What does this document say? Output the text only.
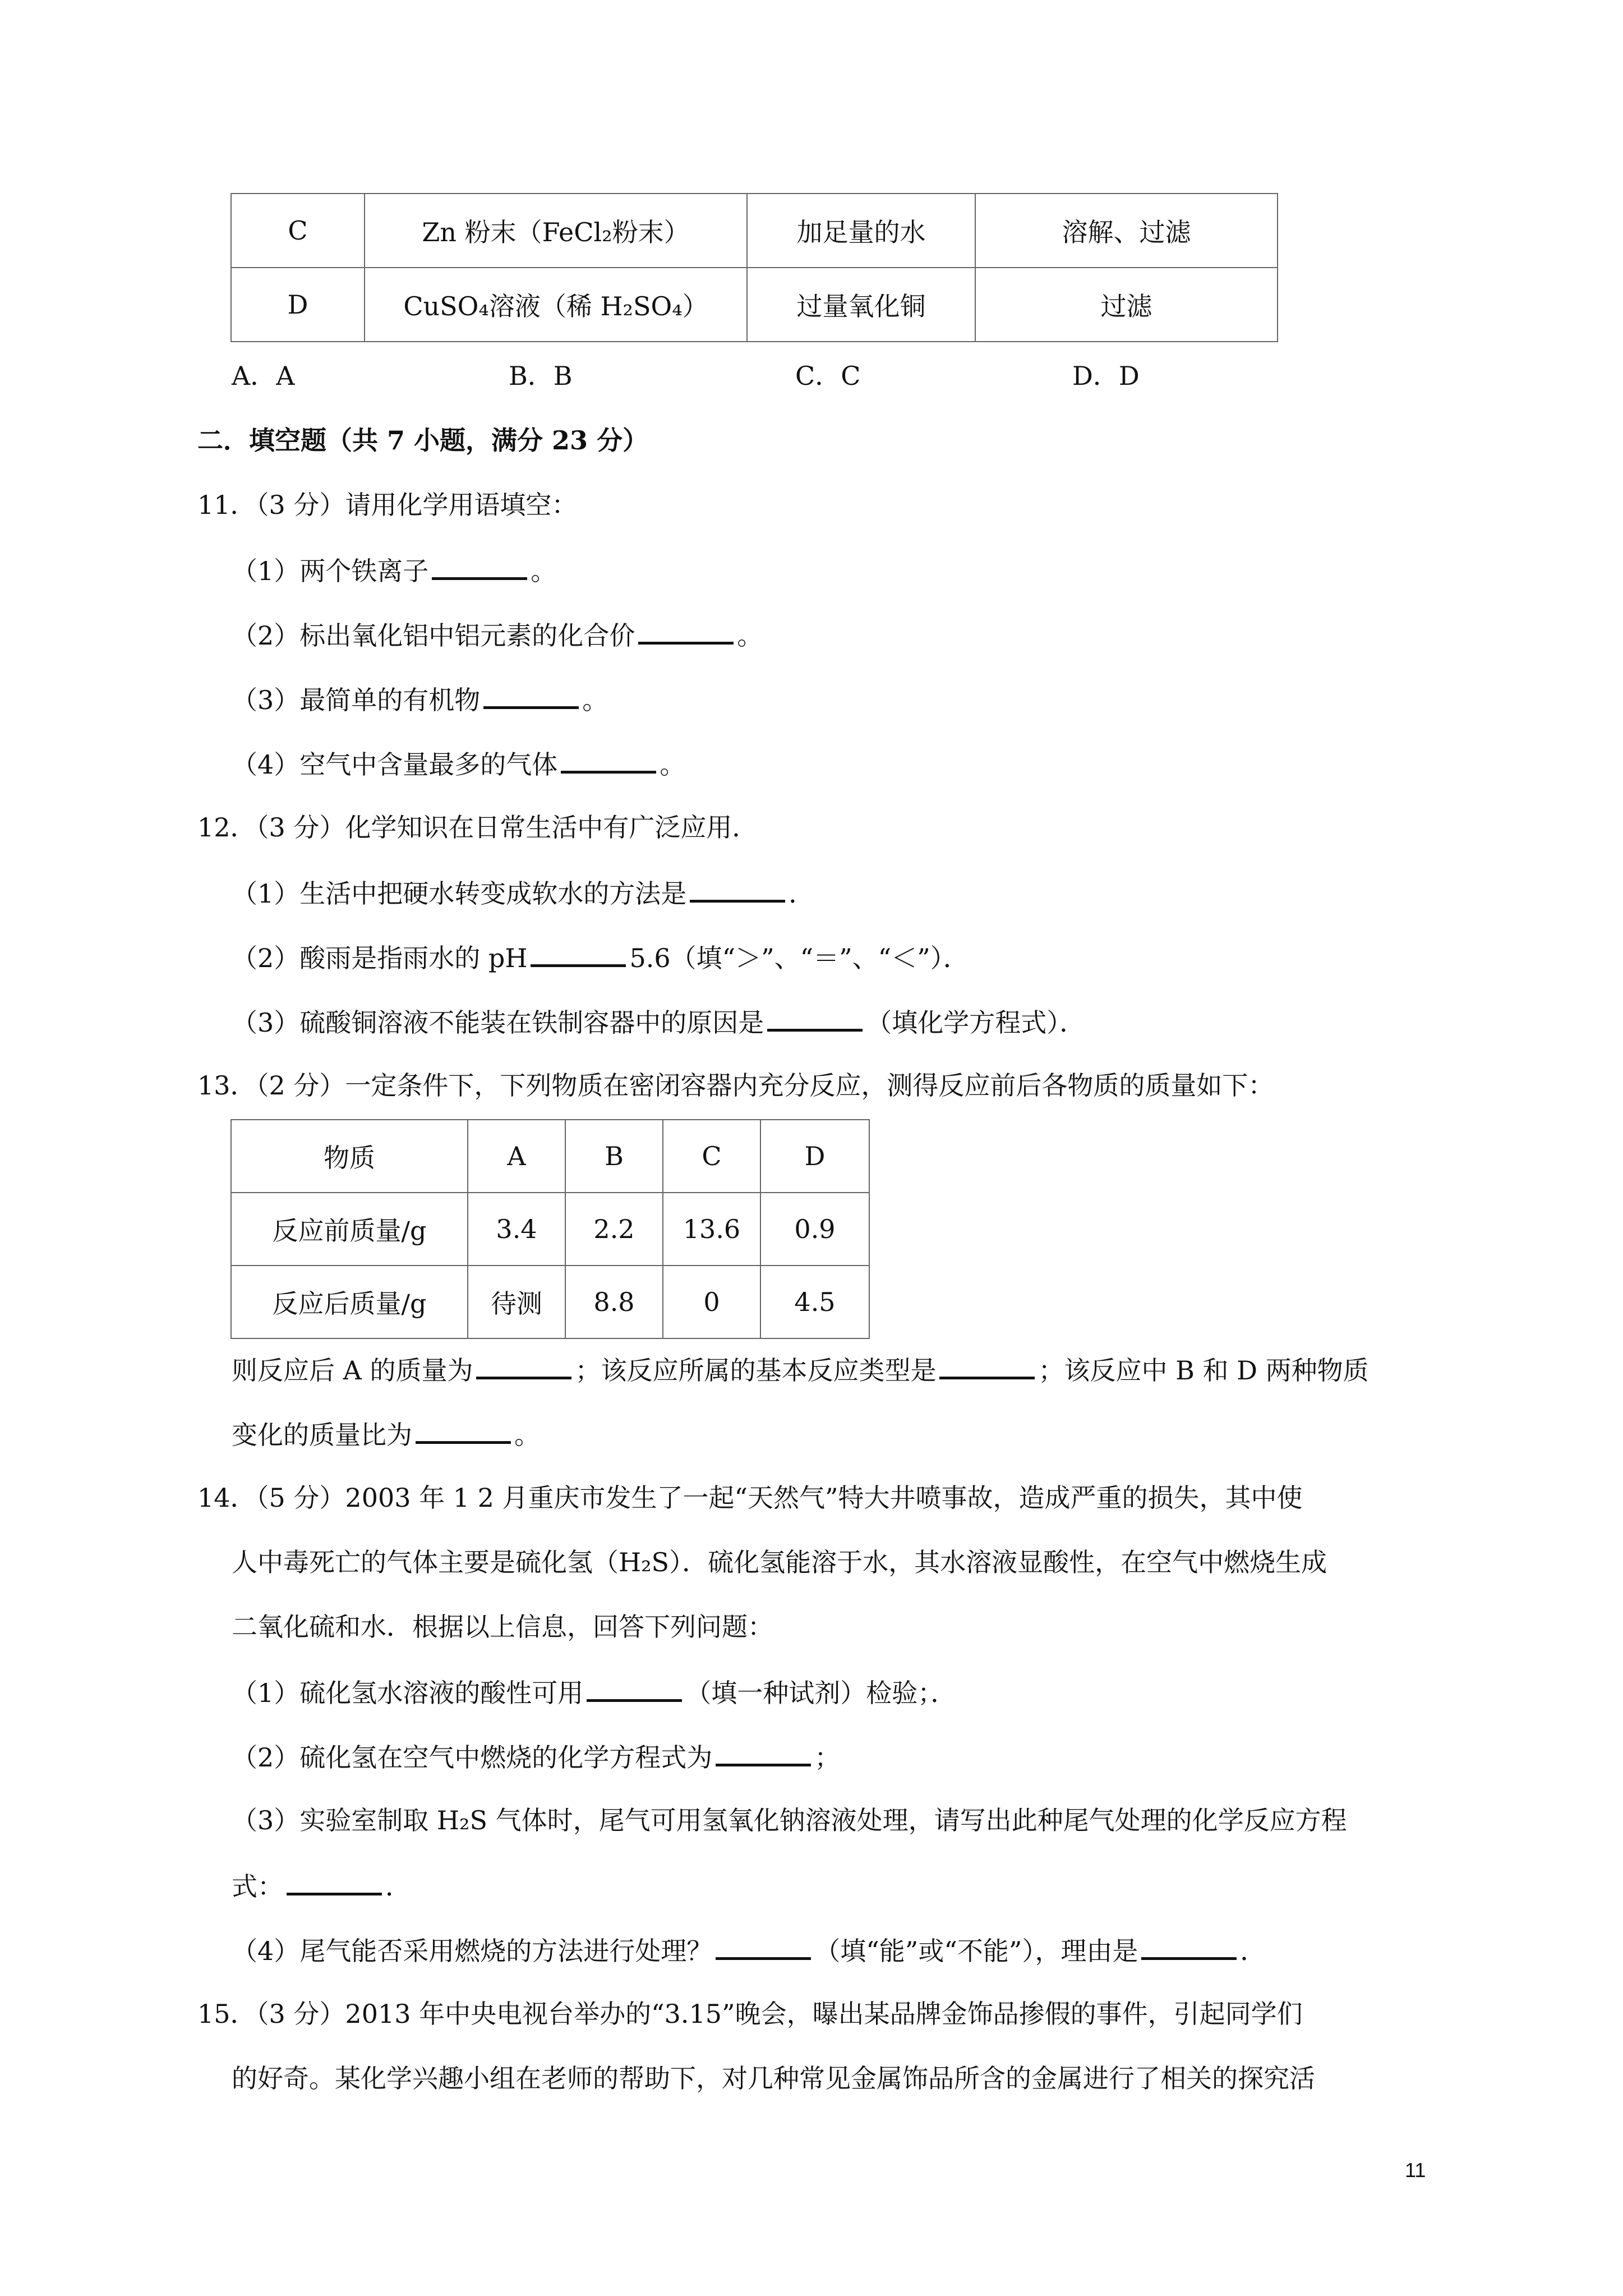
C	Zn 粉末（FeCl₂粉末）	加足量的水	溶解、过滤
D	CuSO₄溶液（稀 H₂SO₄）	过量氧化铜	过滤
A．A	B．B	C．C	D．D
二．填空题（共 7 小题，满分 23 分）
11．（3 分）请用化学用语填空：
（1）两个铁离子	。
（2）标出氧化铝中铝元素的化合价	。
（3）最简单的有机物	。
（4）空气中含量最多的气体	。
12．（3 分）化学知识在日常生活中有广泛应用．
（1）生活中把硬水转变成软水的方法是	．
（2）酸雨是指雨水的 pH	5.6（填“＞”、“＝”、“＜”）．
（3）硫酸铜溶液不能装在铁制容器中的原因是	（填化学方程式）．
13．（2 分）一定条件下，下列物质在密闭容器内充分反应，测得反应前后各物质的质量如下：
物质	A	B	C	D
反应前质量/g	3.4	2.2	13.6	0.9
反应后质量/g	待测	8.8	0	4.5
则反应后 A 的质量为	；该反应所属的基本反应类型是	；该反应中 B 和 D 两种物质
变化的质量比为	。
14．（5 分）2003 年 1 2 月重庆市发生了一起“天然气”特大井喷事故，造成严重的损失，其中使
人中毒死亡的气体主要是硫化氢（H₂S）．硫化氢能溶于水，其水溶液显酸性，在空气中燃烧生成
二氧化硫和水．根据以上信息，回答下列问题：
（1）硫化氢水溶液的酸性可用	（填一种试剂）检验；．
（2）硫化氢在空气中燃烧的化学方程式为	；
（3）实验室制取 H₂S 气体时，尾气可用氢氧化钠溶液处理，请写出此种尾气处理的化学反应方程
式：	．
（4）尾气能否采用燃烧的方法进行处理？	（填“能”或“不能”），理由是	．
15．（3 分）2013 年中央电视台举办的“3.15”晚会，曝出某品牌金饰品掺假的事件，引起同学们
的好奇。某化学兴趣小组在老师的帮助下，对几种常见金属饰品所含的金属进行了相关的探究活
11
